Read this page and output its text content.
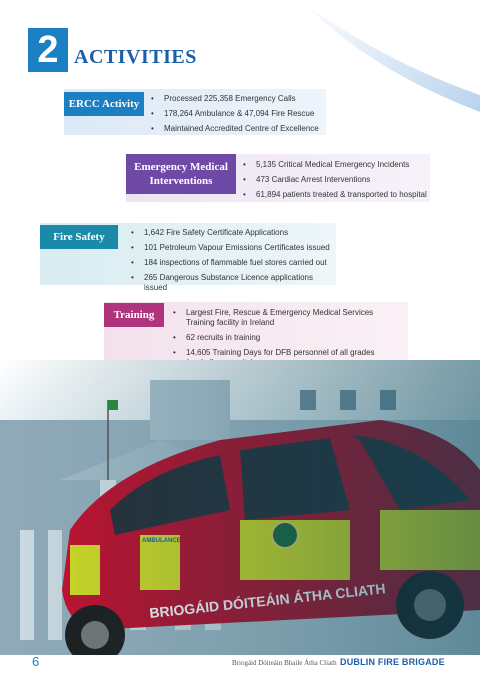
2 ACTIVITIES
ERCC Activity	• Processed 225,358 Emergency Calls
• 178,264 Ambulance & 47,094 Fire Rescue
• Maintained Accredited Centre of Excellence
Emergency Medical
Interventions
• 5,135 Critical Medical Emergency Incidents
• 473 Cardiac Arrest Interventions
• 61,894 patients treated & transported to hospital
Fire Safety	• 1,642 Fire Safety Certificate Applications
• 101 Petroleum Vapour Emissions Certificates issued
• 184 inspections of flammable fuel stores carried out
• 265 Dangerous Substance Licence applications issued
Training	• Largest Fire, Rescue & Emergency Medical Services Training facility in Ireland
• 62 recruits in training
• 14,605 Training Days for DFB personnel of all grades
6	Briogáid Dóiteáin Bhaile Átha Cliath DUBLIN FIRE BRIGADE
